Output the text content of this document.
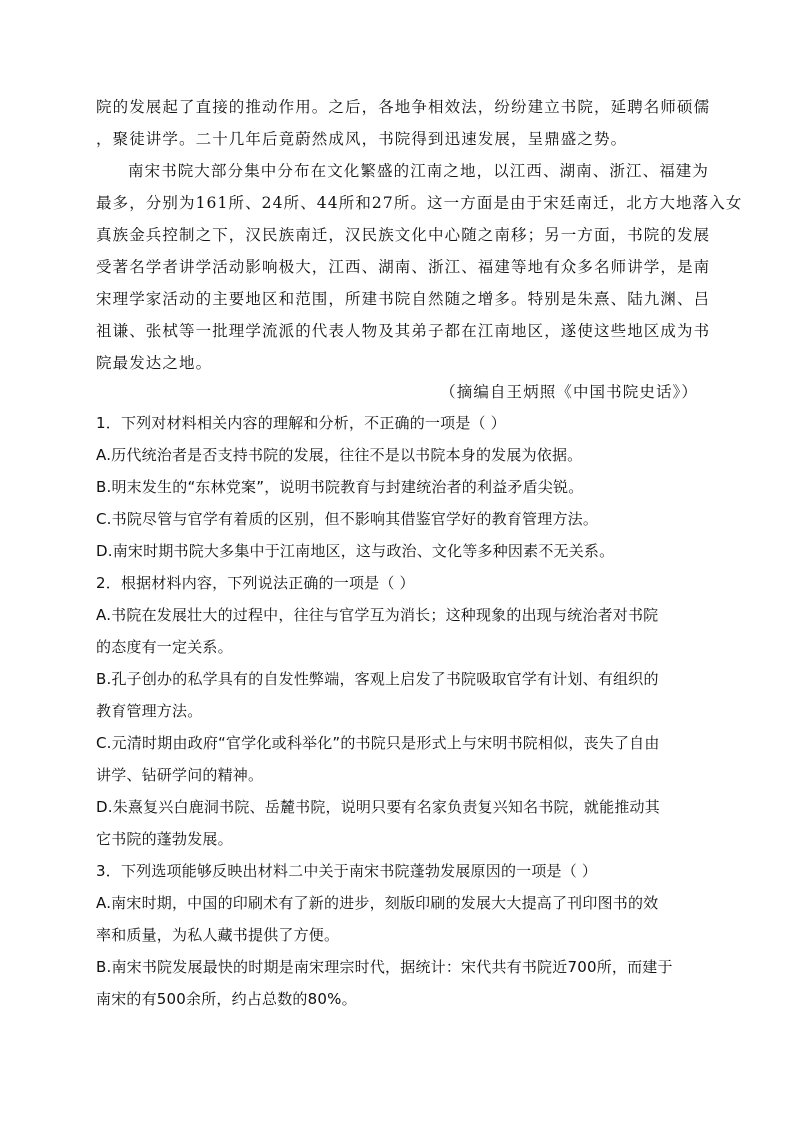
院的发展起了直接的推动作用。之后，各地争相效法，纷纷建立书院，延聘名师硕儒
，聚徒讲学。二十几年后竟蔚然成风，书院得到迅速发展，呈鼎盛之势。
南宋书院大部分集中分布在文化繁盛的江南之地，以江西、湖南、浙江、福建为
最多，分别为161所、24所、44所和27所。这一方面是由于宋廷南迁，北方大地落入女
真族金兵控制之下，汉民族南迁，汉民族文化中心随之南移；另一方面，书院的发展
受著名学者讲学活动影响极大，江西、湖南、浙江、福建等地有众多名师讲学，是南
宋理学家活动的主要地区和范围，所建书院自然随之增多。特别是朱熹、陆九渊、吕
祖谦、张栻等一批理学流派的代表人物及其弟子都在江南地区，遂使这些地区成为书
院最发达之地。
（摘编自王炳照《中国书院史话》）
1．下列对材料相关内容的理解和分析，不正确的一项是（ ）
A.历代统治者是否支持书院的发展，往往不是以书院本身的发展为依据。
B.明末发生的“东林党案”，说明书院教育与封建统治者的利益矛盾尖锐。
C.书院尽管与官学有着质的区别，但不影响其借鉴官学好的教育管理方法。
D.南宋时期书院大多集中于江南地区，这与政治、文化等多种因素不无关系。
2．根据材料内容，下列说法正确的一项是（ ）
A.书院在发展壮大的过程中，往往与官学互为消长；这种现象的出现与统治者对书院
的态度有一定关系。
B.孔子创办的私学具有的自发性弊端，客观上启发了书院吸取官学有计划、有组织的
教育管理方法。
C.元清时期由政府“官学化或科举化”的书院只是形式上与宋明书院相似，丧失了自由
讲学、钻研学问的精神。
D.朱熹复兴白鹿洞书院、岳麓书院，说明只要有名家负责复兴知名书院，就能推动其
它书院的蓬勃发展。
3．下列选项能够反映出材料二中关于南宋书院蓬勃发展原因的一项是（ ）
A.南宋时期，中国的印刷术有了新的进步，刻版印刷的发展大大提高了刊印图书的效
率和质量，为私人藏书提供了方便。
B.南宋书院发展最快的时期是南宋理宗时代，据统计：宋代共有书院近700所，而建于
南宋的有500余所，约占总数的80%。
